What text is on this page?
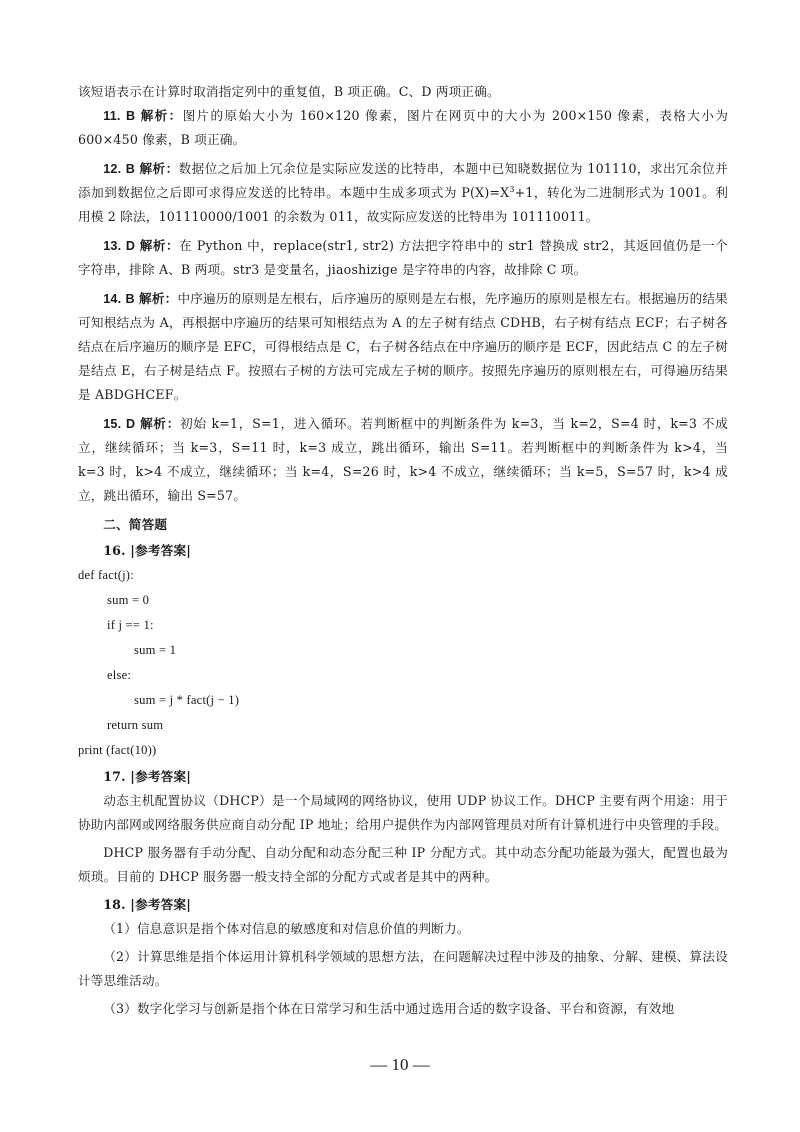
该短语表示在计算时取消指定列中的重复值，B 项正确。C、D 两项正确。

11. B 解析：图片的原始大小为 160×120 像素，图片在网页中的大小为 200×150 像素，表格大小为 600×450 像素，B 项正确。

12. B 解析：数据位之后加上冗余位是实际应发送的比特串，本题中已知晓数据位为 101110，求出冗余位并添加到数据位之后即可求得应发送的比特串。本题中生成多项式为 $P(X)=X^3+1$，转化为二进制形式为 1001。利用模 2 除法，101110000/1001 的余数为 011，故实际应发送的比特串为 101110011。

13. D 解析：在 Python 中，replace(str1, str2) 方法把字符串中的 str1 替换成 str2，其返回值仍是一个字符串，排除 A、B 两项。str3 是变量名，jiaoshizige 是字符串的内容，故排除 C 项。

14. B 解析：中序遍历的原则是左根右，后序遍历的原则是左右根，先序遍历的原则是根左右。根据遍历的结果可知根结点为 A，再根据中序遍历的结果可知根结点为 A 的左子树有结点 CDHB，右子树有结点 ECF；右子树各结点在后序遍历的顺序是 EFC，可得根结点是 C，右子树各结点在中序遍历的顺序是 ECF，因此结点 C 的左子树是结点 E，右子树是结点 F。按照右子树的方法可完成左子树的顺序。按照先序遍历的原则根左右，可得遍历结果是 ABDGHCEF。

15. D 解析：初始 k=1，S=1，进入循环。若判断框中的判断条件为 k=3，当 k=2，S=4 时，k=3 不成立，继续循环；当 k=3，S=11 时，k=3 成立，跳出循环，输出 S=11。若判断框中的判断条件为 k>4，当 k=3 时，k>4 不成立，继续循环；当 k=4，S=26 时，k>4 不成立，继续循环；当 k=5，S=57 时，k>4 成立，跳出循环，输出 S=57。

二、简答题

16. |参考答案|

def fact(j):

sum = 0

if j == 1:

sum = 1

else:

sum = j * fact(j − 1)

return sum

print (fact(10))

17. |参考答案|

动态主机配置协议（DHCP）是一个局域网的网络协议，使用 UDP 协议工作。DHCP 主要有两个用途：用于协助内部网或网络服务供应商自动分配 IP 地址；给用户提供作为内部网管理员对所有计算机进行中央管理的手段。

DHCP 服务器有手动分配、自动分配和动态分配三种 IP 分配方式。其中动态分配功能最为强大，配置也最为烦琐。目前的 DHCP 服务器一般支持全部的分配方式或者是其中的两种。

18. |参考答案|

（1）信息意识是指个体对信息的敏感度和对信息价值的判断力。

（2）计算思维是指个体运用计算机科学领域的思想方法，在问题解决过程中涉及的抽象、分解、建模、算法设计等思维活动。

（3）数字化学习与创新是指个体在日常学习和生活中通过选用合适的数字设备、平台和资源，有效地

— 10 —
